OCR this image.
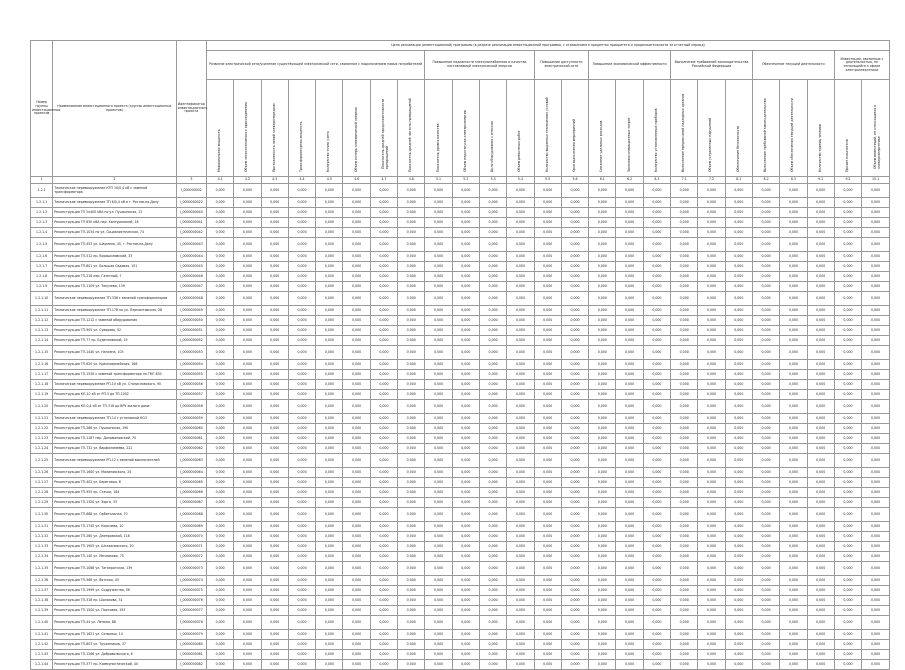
Номер группы инвестиционных проектов	Наименование инвестиционного проекта (группы инвестиционных проектов)	Идентификатор инвестиционного проекта	Цели реализации (инвестиционной) программы (в разрезе реализации инвестиционной программы, с отражением в процентах приоритета и продолжительности за отчетный период)																								
			Развитие электрической сети/усиление существующей электрической сети, связанное с подключением новых потребителей								Повышение надежности электроснабжения и качества поставляемой электрической энергии				Повышение доступности электрической сети		Повышение экономической эффективности			Выполнение требований законодательства Российской Федерации			Обеспечение текущей деятельности			Инвестиции, связанные с деятельностью, не относящейся к сфере электроэнергетики	

			Максимальная мощность	Объем технологического присоединения	Протяженность линий электропередачи	Трансформаторная мощность	Количество точек учета	Объем потерь электрической энергии	Показатель средней продолжительности прекращений	Показатель средней частоты прекращений	Показатель уровня качества	Объем недоотпуска электроэнергии	Доля оборудования с износом	Объем ремонтных работ	Количество выданных технических условий	Срок выполнения мероприятий	Снижение удельных расходов	Экономия операционных затрат	Количество установленных приборов	Выполнение предписаний надзорных органов	Объем устраненных нарушений	Обеспечение безопасности	Выполнение требований законодательства	Объем обеспечения текущей деятельности	Количество единиц техники	Прочие показатели	Объем инвестиций, не относящихся к электроэнергетике

1	2	3	4.1	4.2	4.3	4.4	4.5	4.6	4.7	4.8	5.1	5.2	5.3	5.4	5.5	5.6	6.1	6.2	6.3	7.1	7.2	8.1	8.2	8.3	9.1	9.2	10.1
1.2.1	Техническое перевооружение КТП 10/0,4 кВ с заменой трансформатора	I_000000002	0,000	0,000	0,000	0,000	0,000	0,000	0,000	0,000	0,000	0,000	0,000	0,000	0,000	0,000	0,000	0,000	0,000	0,000	0,000	0,000	0,000	0,000	0,000	0,000	0,000
1.2.1.1	Техническое перевооружение ТП 6/0,4 кВ в г. Ростов-на-Дону	I_0000000022	0,000	0,000	0,000	0,000	0,000	0,000	0,000	0,000	0,000	0,000	0,000	0,000	0,000	0,000	0,000	0,000	0,000	0,000	0,000	0,000	0,000	0,000	0,000	0,000	0,000
1.2.1.2	Реконструкция ТП 2х400 кВА по ул. Пушкинская, 12	I_0000000040	0,000	0,000	0,000	0,000	0,000	0,000	0,000	0,000	0,000	0,000	0,000	0,000	0,000	0,000	0,000	0,000	0,000	0,000	0,000	0,000	0,000	0,000	0,000	0,000	0,000
1.2.1.3	Реконструкция ТП 630 кВА пер. Халтуринский, 18	I_0000000041	0,000	0,000	0,000	0,000	0,000	0,000	0,000	0,000	0,000	0,000	0,000	0,000	0,000	0,000	0,000	0,000	0,000	0,000	0,000	0,000	0,000	0,000	0,000	0,000	0,000
1.2.1.4	Реконструкция ТП-1034 по ул. Социалистическая, 74	I_0000000042	0,000	0,000	0,000	0,000	0,000	0,000	0,000	0,000	0,000	0,000	0,000	0,000	0,000	0,000	0,000	0,000	0,000	0,000	0,000	0,000	0,000	0,000	0,000	0,000	0,000
1.2.1.5	Реконструкция ТП-453 ул. Шаумяна, 45, г. Ростов-на-Дону	I_0000000043	0,000	0,000	0,000	0,000	0,000	0,000	0,000	0,000	0,000	0,000	0,000	0,000	0,000	0,000	0,000	0,000	0,000	0,000	0,000	0,000	0,000	0,000	0,000	0,000	0,000
1.2.1.6	Реконструкция ТП-512 пр. Ворошиловский, 33	I_0000000044	0,000	0,000	0,000	0,000	0,000	0,000	0,000	0,000	0,000	0,000	0,000	0,000	0,000	0,000	0,000	0,000	0,000	0,000	0,000	0,000	0,000	0,000	0,000	0,000	0,000
1.2.1.7	Реконструкция ТП-801 ул. Большая Садовая, 101	I_0000000045	0,000	0,000	0,000	0,000	0,000	0,000	0,000	0,000	0,000	0,000	0,000	0,000	0,000	0,000	0,000	0,000	0,000	0,000	0,000	0,000	0,000	0,000	0,000	0,000	0,000
1.2.1.8	Реконструкция ТП-216 пер. Газетный, 7	I_0000000046	0,000	0,000	0,000	0,000	0,000	0,000	0,000	0,000	0,000	0,000	0,000	0,000	0,000	0,000	0,000	0,000	0,000	0,000	0,000	0,000	0,000	0,000	0,000	0,000	0,000
1.2.1.9	Реконструкция ТП-1109 ул. Текучева, 139	I_0000000047	0,000	0,000	0,000	0,000	0,000	0,000	0,000	0,000	0,000	0,000	0,000	0,000	0,000	0,000	0,000	0,000	0,000	0,000	0,000	0,000	0,000	0,000	0,000	0,000	0,000
1.2.1.10	Техническое перевооружение ТП-336 с заменой трансформаторов	I_0000000048	0,000	0,000	0,000	0,000	0,000	0,000	0,000	0,000	0,000	0,000	0,000	0,000	0,000	0,000	0,000	0,000	0,000	0,000	0,000	0,000	0,000	0,000	0,000	0,000	0,000
1.2.1.11	Техническое перевооружение ТП-178 по ул. Лермонтовская, 28	I_0000000049	0,000	0,000	0,000	0,000	0,000	0,000	0,000	0,000	0,000	0,000	0,000	0,000	0,000	0,000	0,000	0,000	0,000	0,000	0,000	0,000	0,000	0,000	0,000	0,000	0,000
1.2.1.12	Реконструкция ТП-1212 с заменой оборудования	I_0000000050	0,000	0,000	0,000	0,000	0,000	0,000	0,000	0,000	0,000	0,000	0,000	0,000	0,000	0,000	0,000	0,000	0,000	0,000	0,000	0,000	0,000	0,000	0,000	0,000	0,000
1.2.1.13	Реконструкция ТП-905 ул. Суворова, 52	I_0000000051	0,000	0,000	0,000	0,000	0,000	0,000	0,000	0,000	0,000	0,000	0,000	0,000	0,000	0,000	0,000	0,000	0,000	0,000	0,000	0,000	0,000	0,000	0,000	0,000	0,000
1.2.1.14	Реконструкция ТП-77 пр. Буденновский, 19	I_0000000052	0,000	0,000	0,000	0,000	0,000	0,000	0,000	0,000	0,000	0,000	0,000	0,000	0,000	0,000	0,000	0,000	0,000	0,000	0,000	0,000	0,000	0,000	0,000	0,000	0,000
1.2.1.15	Реконструкция ТП-1440 ул. Нансена, 103	I_0000000053	0,000	0,000	0,000	0,000	0,000	0,000	0,000	0,000	0,000	0,000	0,000	0,000	0,000	0,000	0,000	0,000	0,000	0,000	0,000	0,000	0,000	0,000	0,000	0,000	0,000
1.2.1.16	Реконструкция ТП-620 ул. Красноармейская, 168	I_0000000054	0,000	0,000	0,000	0,000	0,000	0,000	0,000	0,000	0,000	0,000	0,000	0,000	0,000	0,000	0,000	0,000	0,000	0,000	0,000	0,000	0,000	0,000	0,000	0,000	0,000
1.2.1.17	Реконструкция ТП-1530 с заменой трансформатора на ТМГ-630	I_0000000055	0,000	0,000	0,000	0,000	0,000	0,000	0,000	0,000	0,000	0,000	0,000	0,000	0,000	0,000	0,000	0,000	0,000	0,000	0,000	0,000	0,000	0,000	0,000	0,000	0,000
1.2.1.18	Техническое перевооружение РП-10 кВ ул. Станиславского, 90	I_0000000056	0,000	0,000	0,000	0,000	0,000	0,000	0,000	0,000	0,000	0,000	0,000	0,000	0,000	0,000	0,000	0,000	0,000	0,000	0,000	0,000	0,000	0,000	0,000	0,000	0,000
1.2.1.19	Реконструкция КЛ-10 кВ от РП-5 до ТП-1002	I_0000000057	0,000	0,000	0,000	0,000	0,000	0,000	0,000	0,000	0,000	0,000	0,000	0,000	0,000	0,000	0,000	0,000	0,000	0,000	0,000	0,000	0,000	0,000	0,000	0,000	0,000
1.2.1.20	Реконструкция КЛ-0,4 кВ от ТП-318 до ВРУ жилого дома	I_0000000058	0,000	0,000	0,000	0,000	0,000	0,000	0,000	0,000	0,000	0,000	0,000	0,000	0,000	0,000	0,000	0,000	0,000	0,000	0,000	0,000	0,000	0,000	0,000	0,000	0,000
1.2.1.21	Техническое перевооружение ТП-14 с установкой КСО	I_0000000059	0,000	0,000	0,000	0,000	0,000	0,000	0,000	0,000	0,000	0,000	0,000	0,000	0,000	0,000	0,000	0,000	0,000	0,000	0,000	0,000	0,000	0,000	0,000	0,000	0,000
1.2.1.22	Реконструкция ТП-286 ул. Пушкинская, 190	I_0000000060	0,000	0,000	0,000	0,000	0,000	0,000	0,000	0,000	0,000	0,000	0,000	0,000	0,000	0,000	0,000	0,000	0,000	0,000	0,000	0,000	0,000	0,000	0,000	0,000	0,000
1.2.1.23	Реконструкция ТП-1187 пер. Доломановский, 70	I_0000000061	0,000	0,000	0,000	0,000	0,000	0,000	0,000	0,000	0,000	0,000	0,000	0,000	0,000	0,000	0,000	0,000	0,000	0,000	0,000	0,000	0,000	0,000	0,000	0,000	0,000
1.2.1.24	Реконструкция ТП-732 ул. Варфоломеева, 222	I_0000000062	0,000	0,000	0,000	0,000	0,000	0,000	0,000	0,000	0,000	0,000	0,000	0,000	0,000	0,000	0,000	0,000	0,000	0,000	0,000	0,000	0,000	0,000	0,000	0,000	0,000
1.2.1.25	Техническое перевооружение РП-12 с заменой выключателей	I_0000000063	0,000	0,000	0,000	0,000	0,000	0,000	0,000	0,000	0,000	0,000	0,000	0,000	0,000	0,000	0,000	0,000	0,000	0,000	0,000	0,000	0,000	0,000	0,000	0,000	0,000
1.2.1.26	Реконструкция ТП-1600 ул. Малиновского, 25	I_0000000064	0,000	0,000	0,000	0,000	0,000	0,000	0,000	0,000	0,000	0,000	0,000	0,000	0,000	0,000	0,000	0,000	0,000	0,000	0,000	0,000	0,000	0,000	0,000	0,000	0,000
1.2.1.27	Реконструкция ТП-402 ул. Береговая, 8	I_0000000065	0,000	0,000	0,000	0,000	0,000	0,000	0,000	0,000	0,000	0,000	0,000	0,000	0,000	0,000	0,000	0,000	0,000	0,000	0,000	0,000	0,000	0,000	0,000	0,000	0,000
1.2.1.28	Реконструкция ТП-955 пр. Стачки, 184	I_0000000066	0,000	0,000	0,000	0,000	0,000	0,000	0,000	0,000	0,000	0,000	0,000	0,000	0,000	0,000	0,000	0,000	0,000	0,000	0,000	0,000	0,000	0,000	0,000	0,000	0,000
1.2.1.29	Реконструкция ТП-1320 ул. Зорге, 33	I_0000000067	0,000	0,000	0,000	0,000	0,000	0,000	0,000	0,000	0,000	0,000	0,000	0,000	0,000	0,000	0,000	0,000	0,000	0,000	0,000	0,000	0,000	0,000	0,000	0,000	0,000
1.2.1.30	Реконструкция ТП-688 ул. Орбитальная, 70	I_0000000068	0,000	0,000	0,000	0,000	0,000	0,000	0,000	0,000	0,000	0,000	0,000	0,000	0,000	0,000	0,000	0,000	0,000	0,000	0,000	0,000	0,000	0,000	0,000	0,000	0,000
1.2.1.31	Реконструкция ТП-1745 ул. Королева, 10	I_0000000069	0,000	0,000	0,000	0,000	0,000	0,000	0,000	0,000	0,000	0,000	0,000	0,000	0,000	0,000	0,000	0,000	0,000	0,000	0,000	0,000	0,000	0,000	0,000	0,000	0,000
1.2.1.32	Реконструкция ТП-260 ул. Днепровский, 118	I_0000000070	0,000	0,000	0,000	0,000	0,000	0,000	0,000	0,000	0,000	0,000	0,000	0,000	0,000	0,000	0,000	0,000	0,000	0,000	0,000	0,000	0,000	0,000	0,000	0,000	0,000
1.2.1.33	Реконструкция ТП-1905 ул. Штахановского, 20	I_0000000071	0,000	0,000	0,000	0,000	0,000	0,000	0,000	0,000	0,000	0,000	0,000	0,000	0,000	0,000	0,000	0,000	0,000	0,000	0,000	0,000	0,000	0,000	0,000	0,000	0,000
1.2.1.34	Реконструкция ТП-140 ул. Мечникова, 75	I_0000000072	0,000	0,000	0,000	0,000	0,000	0,000	0,000	0,000	0,000	0,000	0,000	0,000	0,000	0,000	0,000	0,000	0,000	0,000	0,000	0,000	0,000	0,000	0,000	0,000	0,000
1.2.1.35	Реконструкция ТП-1088 ул. Таганрогская, 139	I_0000000073	0,000	0,000	0,000	0,000	0,000	0,000	0,000	0,000	0,000	0,000	0,000	0,000	0,000	0,000	0,000	0,000	0,000	0,000	0,000	0,000	0,000	0,000	0,000	0,000	0,000
1.2.1.36	Реконструкция ТП-566 ул. Вятская, 45	I_0000000074	0,000	0,000	0,000	0,000	0,000	0,000	0,000	0,000	0,000	0,000	0,000	0,000	0,000	0,000	0,000	0,000	0,000	0,000	0,000	0,000	0,000	0,000	0,000	0,000	0,000
1.2.1.37	Реконструкция ТП-1999 ул. Содружества, 56	I_0000000075	0,000	0,000	0,000	0,000	0,000	0,000	0,000	0,000	0,000	0,000	0,000	0,000	0,000	0,000	0,000	0,000	0,000	0,000	0,000	0,000	0,000	0,000	0,000	0,000	0,000
1.2.1.38	Реконструкция ТП-318 пр. Шолохова, 31	I_0000000076	0,000	0,000	0,000	0,000	0,000	0,000	0,000	0,000	0,000	0,000	0,000	0,000	0,000	0,000	0,000	0,000	0,000	0,000	0,000	0,000	0,000	0,000	0,000	0,000	0,000
1.2.1.39	Реконструкция ТП-1500 ул. Портовая, 193	I_0000000077	0,000	0,000	0,000	0,000	0,000	0,000	0,000	0,000	0,000	0,000	0,000	0,000	0,000	0,000	0,000	0,000	0,000	0,000	0,000	0,000	0,000	0,000	0,000	0,000	0,000
1.2.1.40	Реконструкция ТП-44 ул. Ленина, 88	I_0000000078	0,000	0,000	0,000	0,000	0,000	0,000	0,000	0,000	0,000	0,000	0,000	0,000	0,000	0,000	0,000	0,000	0,000	0,000	0,000	0,000	0,000	0,000	0,000	0,000	0,000
1.2.1.41	Реконструкция ТП-1621 ул. Сельмаш, 14	I_0000000079	0,000	0,000	0,000	0,000	0,000	0,000	0,000	0,000	0,000	0,000	0,000	0,000	0,000	0,000	0,000	0,000	0,000	0,000	0,000	0,000	0,000	0,000	0,000	0,000	0,000
1.2.1.42	Реконструкция ТП-803 ул. Тружеников, 37	I_0000000080	0,000	0,000	0,000	0,000	0,000	0,000	0,000	0,000	0,000	0,000	0,000	0,000	0,000	0,000	0,000	0,000	0,000	0,000	0,000	0,000	0,000	0,000	0,000	0,000	0,000
1.2.1.43	Реконструкция ТП-1266 ул. Добровольского, 6	I_0000000081	0,000	0,000	0,000	0,000	0,000	0,000	0,000	0,000	0,000	0,000	0,000	0,000	0,000	0,000	0,000	0,000	0,000	0,000	0,000	0,000	0,000	0,000	0,000	0,000	0,000
1.2.1.44	Реконструкция ТП-377 пр. Коммунистический, 40	I_0000000082	0,000	0,000	0,000	0,000	0,000	0,000	0,000	0,000	0,000	0,000	0,000	0,000	0,000	0,000	0,000	0,000	0,000	0,000	0,000	0,000	0,000	0,000	0,000	0,000	0,000
